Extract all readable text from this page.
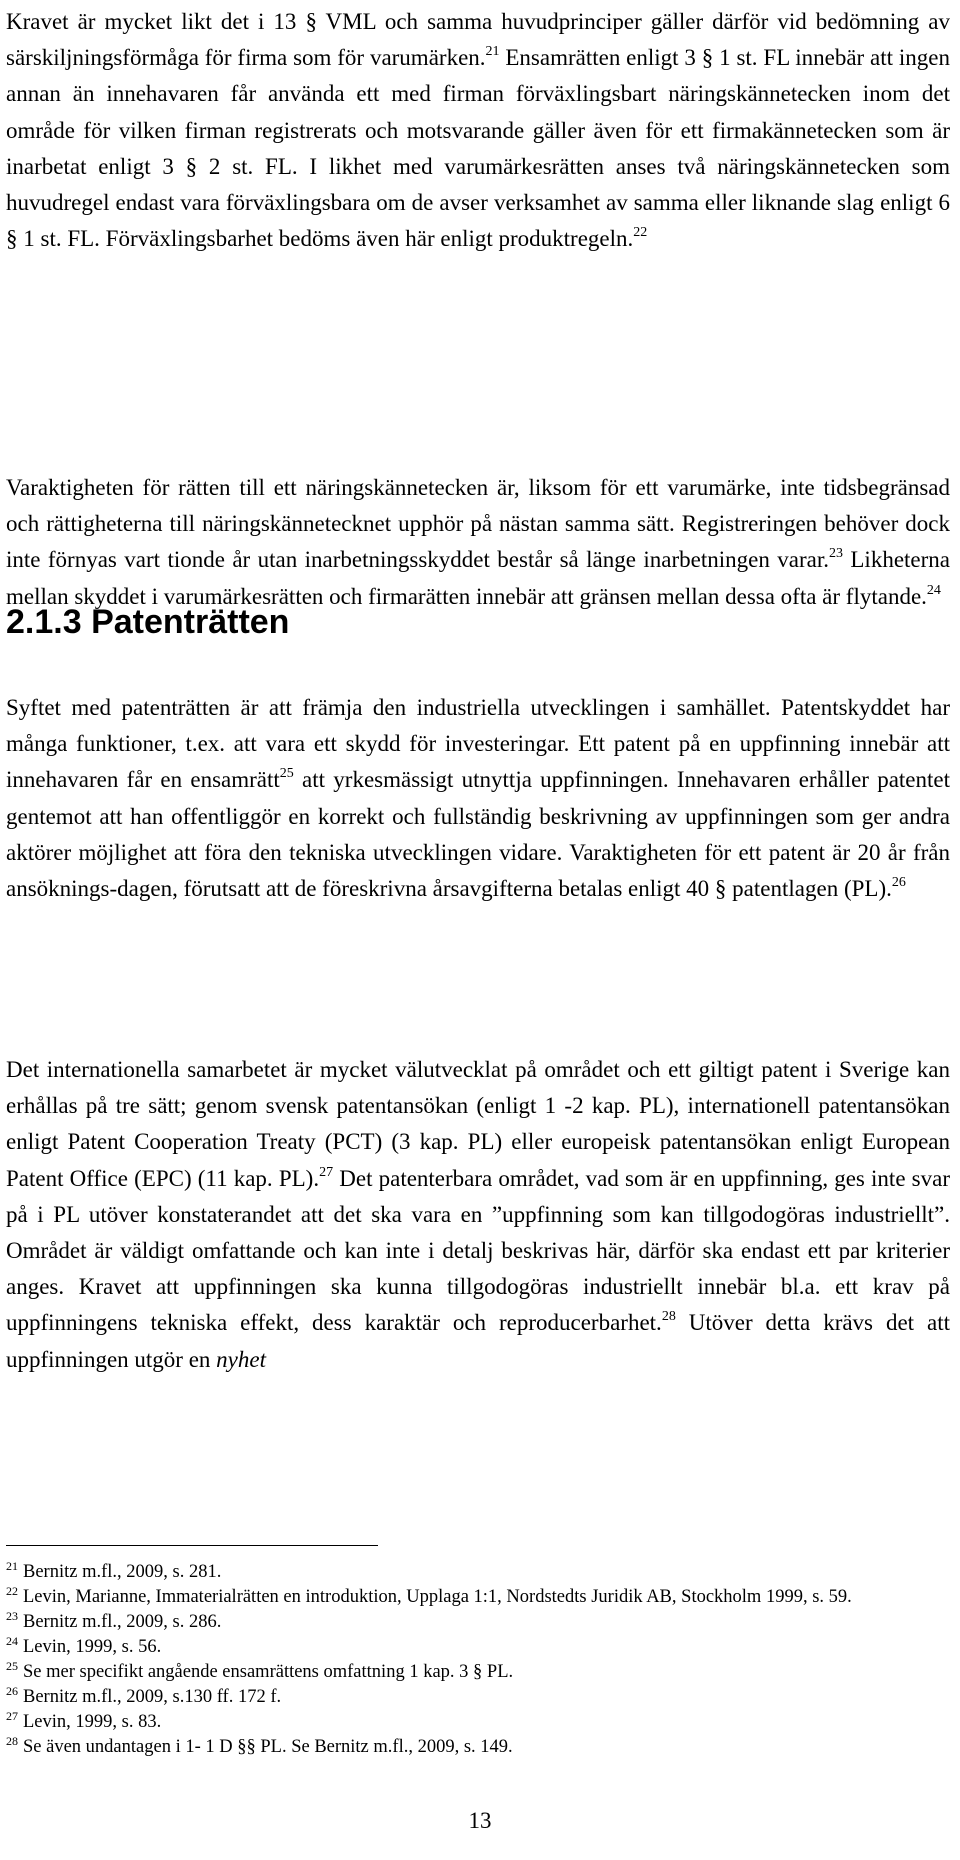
Kravet är mycket likt det i 13 § VML och samma huvudprinciper gäller därför vid bedömning av särskiljningsförmåga för firma som för varumärken.$^{21}$ Ensamrätten enligt 3 § 1 st. FL innebär att ingen annan än innehavaren får använda ett med firman förväxlingsbart näringskännetecken inom det område för vilken firman registrerats och motsvarande gäller även för ett firmakännetecken som är inarbetat enligt 3 § 2 st. FL. I likhet med varumärkesrätten anses två näringskännetecken som huvudregel endast vara förväxlingsbara om de avser verksamhet av samma eller liknande slag enligt 6 § 1 st. FL. Förväxlingsbarhet bedöms även här enligt produktregeln.$^{22}$

Varaktigheten för rätten till ett näringskännetecken är, liksom för ett varumärke, inte tidsbegränsad och rättigheterna till näringskännetecknet upphör på nästan samma sätt. Registreringen behöver dock inte förnyas vart tionde år utan inarbetningsskyddet består så länge inarbetningen varar.$^{23}$ Likheterna mellan skyddet i varumärkesrätten och firmarätten innebär att gränsen mellan dessa ofta är flytande.$^{24}$

2.1.3 Patenträtten

Syftet med patenträtten är att främja den industriella utvecklingen i samhället. Patentskyddet har många funktioner, t.ex. att vara ett skydd för investeringar. Ett patent på en uppfinning innebär att innehavaren får en ensamrätt$^{25}$ att yrkesmässigt utnyttja uppfinningen. Innehavaren erhåller patentet gentemot att han offentliggör en korrekt och fullständig beskrivning av uppfinningen som ger andra aktörer möjlighet att föra den tekniska utvecklingen vidare. Varaktigheten för ett patent är 20 år från ansöknings-dagen, förutsatt att de föreskrivna årsavgifterna betalas enligt 40 § patentlagen (PL).$^{26}$

Det internationella samarbetet är mycket välutvecklat på området och ett giltigt patent i Sverige kan erhållas på tre sätt; genom svensk patentansökan (enligt 1 -2 kap. PL), internationell patentansökan enligt Patent Cooperation Treaty (PCT) (3 kap. PL) eller europeisk patentansökan enligt European Patent Office (EPC) (11 kap. PL).$^{27}$ Det patenterbara området, vad som är en uppfinning, ges inte svar på i PL utöver konstaterandet att det ska vara en ”uppfinning som kan tillgodogöras industriellt”. Området är väldigt omfattande och kan inte i detalj beskrivas här, därför ska endast ett par kriterier anges. Kravet att uppfinningen ska kunna tillgodogöras industriellt innebär bl.a. ett krav på uppfinningens tekniska effekt, dess karaktär och reproducerbarhet.$^{28}$ Utöver detta krävs det att uppfinningen utgör en nyhet

$^{21}$ Bernitz m.fl., 2009, s. 281.
$^{22}$ Levin, Marianne, Immaterialrätten en introduktion, Upplaga 1:1, Nordstedts Juridik AB, Stockholm 1999, s. 59.
$^{23}$ Bernitz m.fl., 2009, s. 286.
$^{24}$ Levin, 1999, s. 56.
$^{25}$ Se mer specifikt angående ensamrättens omfattning 1 kap. 3 § PL.
$^{26}$ Bernitz m.fl., 2009, s.130 ff. 172 f.
$^{27}$ Levin, 1999, s. 83.
$^{28}$ Se även undantagen i 1- 1 D §§ PL. Se Bernitz m.fl., 2009, s. 149.
13
